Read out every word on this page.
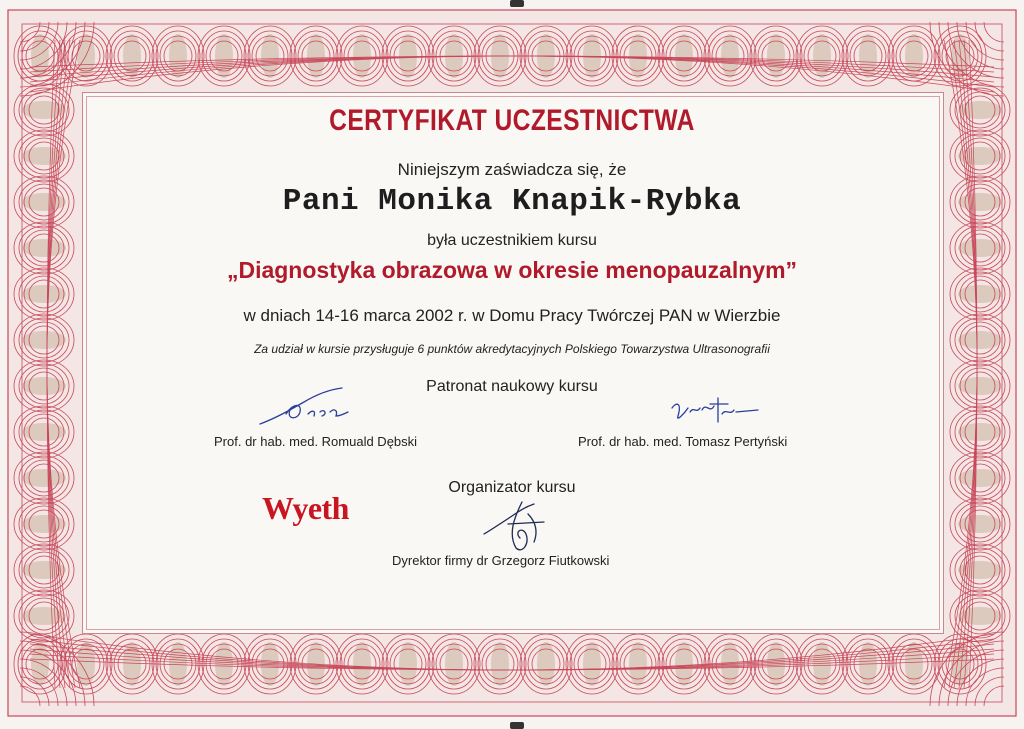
CERTYFIKAT UCZESTNICTWA
Niniejszym zaświadcza się, że
Pani Monika Knapik-Rybka
była uczestnikiem kursu
„Diagnostyka obrazowa w okresie menopauzalnym”
w dniach 14-16 marca 2002 r. w Domu Pracy Twórczej PAN w Wierzbie
Za udział w kursie przysługuje 6 punktów akredytacyjnych Polskiego Towarzystwa Ultrasonografii
Patronat naukowy kursu
Prof. dr hab. med. Romuald Dębski	Prof. dr hab. med. Tomasz Pertyński
Organizator kursu
Wyeth
Dyrektor firmy dr Grzegorz Fiutkowski
